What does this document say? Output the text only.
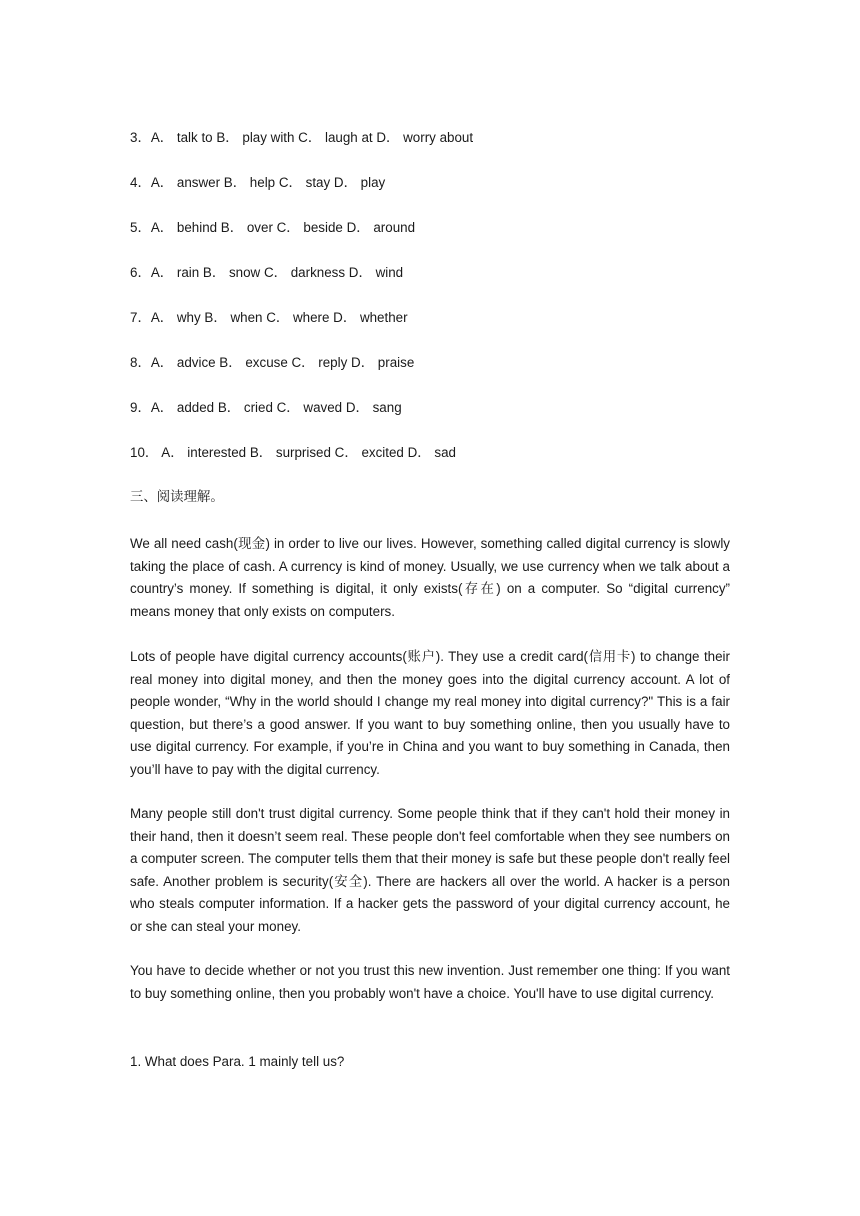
3．A． talk to B． play with C． laugh at D． worry about
4．A． answer B． help C． stay D． play
5．A． behind B． over C． beside D． around
6．A． rain B． snow C． darkness D． wind
7．A． why B． when C． where D． whether
8．A． advice B． excuse C． reply D． praise
9．A． added B． cried C． waved D． sang
10． A． interested B． surprised C． excited D． sad
三、阅读理解。

We all need cash(现金) in order to live our lives. However, something called digital currency is slowly taking the place of cash. A currency is kind of money. Usually, we use currency when we talk about a country’s money. If something is digital, it only exists(存在) on a computer. So “digital currency” means money that only exists on computers.

Lots of people have digital currency accounts(账户). They use a credit card(信用卡) to change their real money into digital money, and then the money goes into the digital currency account. A lot of people wonder, “Why in the world should I change my real money into digital currency?" This is a fair question, but there’s a good answer. If you want to buy something online, then you usually have to use digital currency. For example, if you’re in China and you want to buy something in Canada, then you’ll have to pay with the digital currency.

Many people still don't trust digital currency. Some people think that if they can't hold their money in their hand, then it doesn’t seem real. These people don't feel comfortable when they see numbers on a computer screen. The computer tells them that their money is safe but these people don't really feel safe. Another problem is security(安全). There are hackers all over the world. A hacker is a person who steals computer information. If a hacker gets the password of your digital currency account, he or she can steal your money.

You have to decide whether or not you trust this new invention. Just remember one thing: If you want to buy something online, then you probably won't have a choice. You'll have to use digital currency.

1. What does Para. 1 mainly tell us?
